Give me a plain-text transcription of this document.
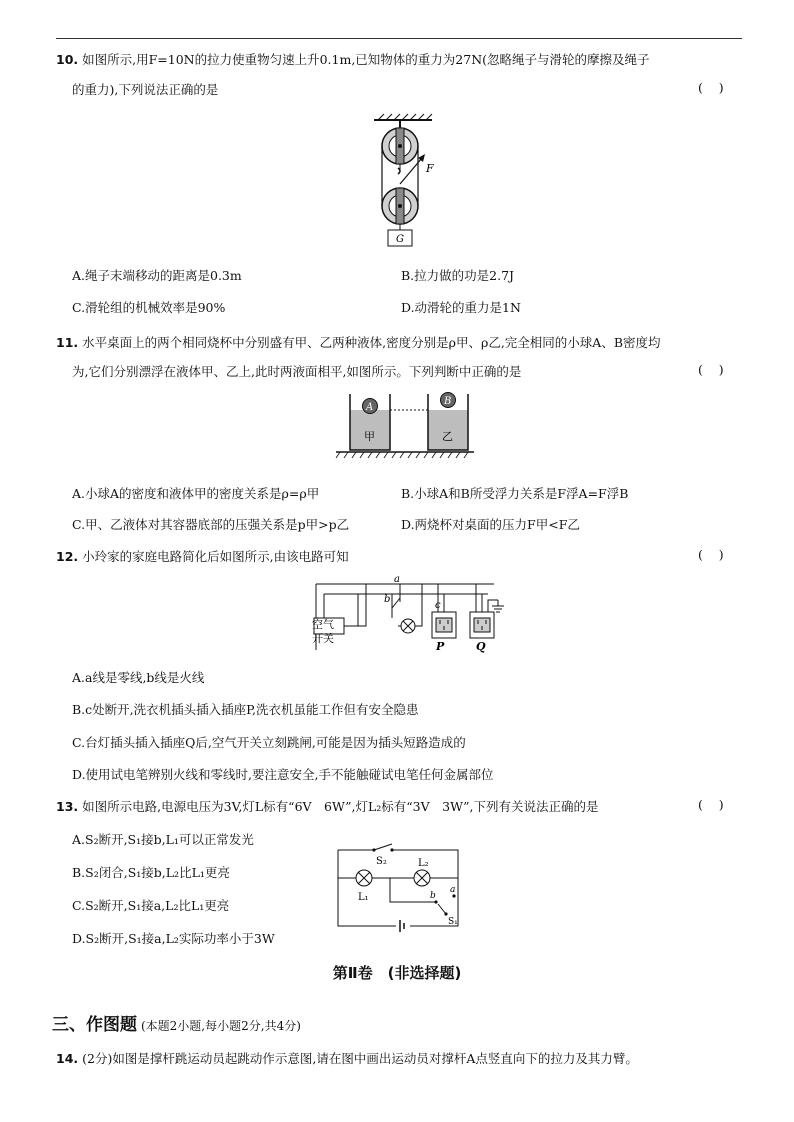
10. 如图所示,用F=10N的拉力使重物匀速上升0.1m,已知物体的重力为27N(忽略绳子与滑轮的摩擦及绳子
的重力),下列说法正确的是	(    )
F
G
A.绳子末端移动的距离是0.3m	B.拉力做的功是2.7J
C.滑轮组的机械效率是90%	D.动滑轮的重力是1N
11. 水平桌面上的两个相同烧杯中分别盛有甲、乙两种液体,密度分别是ρ甲、ρ乙,完全相同的小球A、B密度均
为,它们分别漂浮在液体甲、乙上,此时两液面相平,如图所示。下列判断中正确的是	(    )
A
甲
B
乙
A.小球A的密度和液体甲的密度关系是ρ=ρ甲	B.小球A和B所受浮力关系是F浮A=F浮B
C.甲、乙液体对其容器底部的压强关系是p甲>p乙	D.两烧杯对桌面的压力F甲<F乙
12. 小玲家的家庭电路简化后如图所示,由该电路可知	(    )
空气
开关
a
b
c
P	Q
A.a线是零线,b线是火线
B.c处断开,洗衣机插头插入插座P,洗衣机虽能工作但有安全隐患
C.台灯插头插入插座Q后,空气开关立刻跳闸,可能是因为插头短路造成的
D.使用试电笔辨别火线和零线时,要注意安全,手不能触碰试电笔任何金属部位
13. 如图所示电路,电源电压为3V,灯L标有“6V　6W”,灯L₂标有“3V　3W”,下列有关说法正确的是	(    )
A.S₂断开,S₁接b,L₁可以正常发光
B.S₂闭合,S₁接b,L₂比L₁更亮
C.S₂断开,S₁接a,L₂比L₁更亮
D.S₂断开,S₁接a,L₂实际功率小于3W
S₂
L₁
L₂
b
a
S₁
第Ⅱ卷　(非选择题)
三、作图题 (本题2小题,每小题2分,共4分)
14. (2分)如图是撑杆跳运动员起跳动作示意图,请在图中画出运动员对撑杆A点竖直向下的拉力及其力臂。
